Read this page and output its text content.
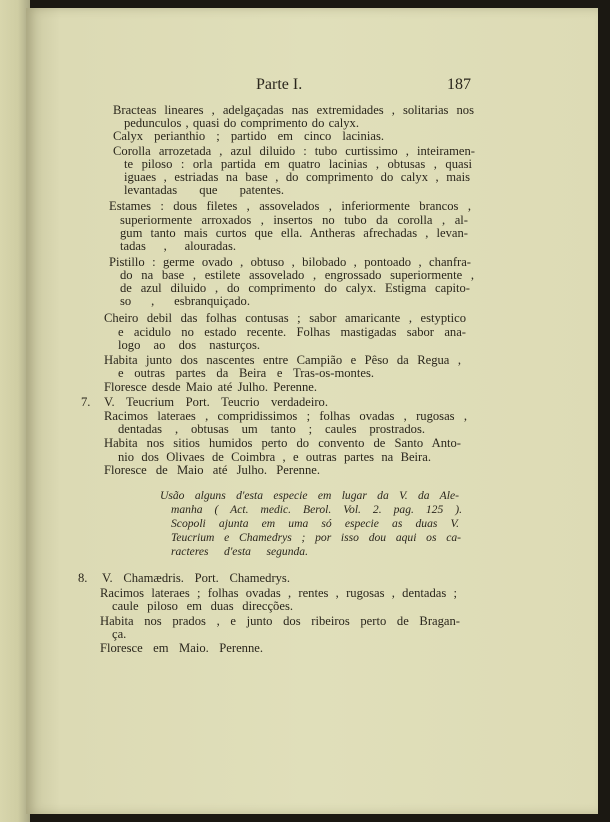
Parte I.	187
Bracteas lineares , adelgaçadas nas extremidades , solitarias nos
pedunculos , quasi do comprimento do calyx.
Calyx perianthio ; partido em cinco lacinias.
Corolla arrozetada , azul diluido : tubo curtissimo , inteiramen-
te piloso : orla partida em quatro lacinias , obtusas , quasi
iguaes , estriadas na base , do comprimento do calyx , mais
levantadas que patentes.
Estames : dous filetes , assovelados , inferiormente brancos ,
superiormente arroxados , insertos no tubo da corolla , al-
gum tanto mais curtos que ella. Antheras afrechadas , levan-
tadas , alouradas.
Pistillo : germe ovado , obtuso , bilobado , pontoado , chanfra-
do na base , estilete assovelado , engrossado superiormente ,
de azul diluido , do comprimento do calyx. Estigma capito-
so , esbranquiçado.
Cheiro debil das folhas contusas ; sabor amaricante , estyptico
e acidulo no estado recente. Folhas mastigadas sabor ana-
logo ao dos nasturços.
Habita junto dos nascentes entre Campião e Pêso da Regua ,
e outras partes da Beira e Tras-os-montes.
Floresce desde Maio até Julho. Perenne.
V. Teucrium Port. Teucrio verdadeiro.
Racimos lateraes , compridissimos ; folhas ovadas , rugosas ,
dentadas , obtusas um tanto ; caules prostrados.
Habita nos sitios humidos perto do convento de Santo Anto-
nio dos Olivaes de Coimbra , e outras partes na Beira.
Floresce de Maio até Julho. Perenne.
Usão alguns d'esta especie em lugar da V. da Ale-
manha ( Act. medic. Berol. Vol. 2. pag. 125 ).
Scopoli ajunta em uma só especie as duas V.
Teucrium e Chamedrys ; por isso dou aqui os ca-
racteres d'esta segunda.
V. Chamædris. Port. Chamedrys.
Racimos lateraes ; folhas ovadas , rentes , rugosas , dentadas ;
caule piloso em duas direcções.
Habita nos prados , e junto dos ribeiros perto de Bragan-
ça.
Floresce em Maio. Perenne.
7.
8.
